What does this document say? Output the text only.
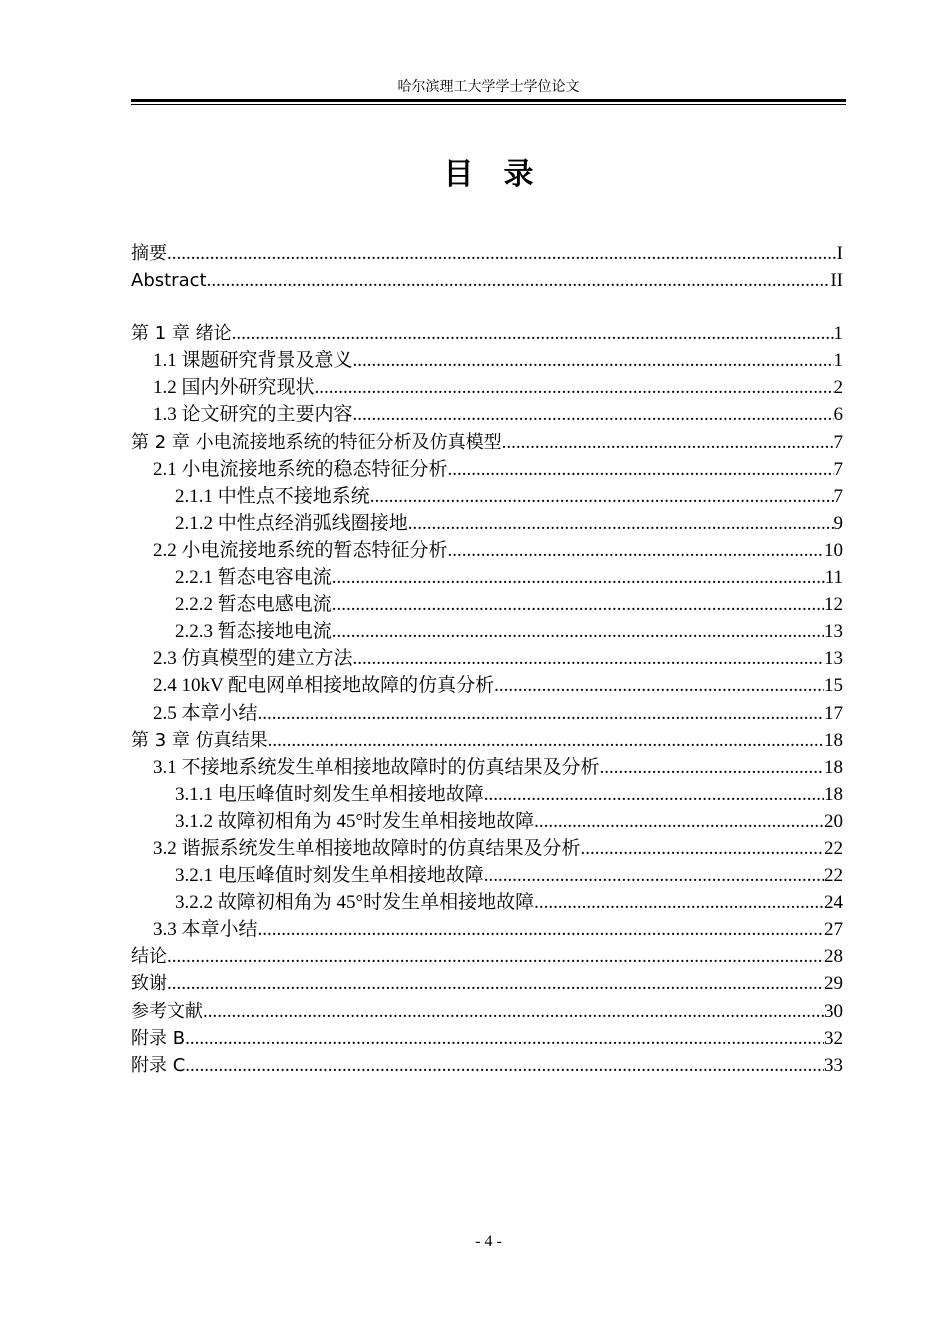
哈尔滨理工大学学士学位论文
目录
摘要 .....	I
Abstract .....	II
第 1 章 绪论 .....	1
1.1 课题研究背景及意义 .....	1
1.2 国内外研究现状 .....	2
1.3 论文研究的主要内容 .....	6
第 2 章 小电流接地系统的特征分析及仿真模型 .....	7
2.1 小电流接地系统的稳态特征分析 .....	7
2.1.1 中性点不接地系统 .....	7
2.1.2 中性点经消弧线圈接地 .....	9
2.2 小电流接地系统的暂态特征分析 .....	10
2.2.1 暂态电容电流 .....	11
2.2.2 暂态电感电流 .....	12
2.2.3 暂态接地电流 .....	13
2.3 仿真模型的建立方法 .....	13
2.4 10kV 配电网单相接地故障的仿真分析 .....	15
2.5 本章小结 .....	17
第 3 章 仿真结果 .....	18
3.1 不接地系统发生单相接地故障时的仿真结果及分析 .....	18
3.1.1 电压峰值时刻发生单相接地故障 .....	18
3.1.2 故障初相角为 45°时发生单相接地故障 .....	20
3.2 谐振系统发生单相接地故障时的仿真结果及分析 .....	22
3.2.1 电压峰值时刻发生单相接地故障 .....	22
3.2.2 故障初相角为 45°时发生单相接地故障 .....	24
3.3 本章小结 .....	27
结论 .....	28
致谢 .....	29
参考文献 .....	30
附录 B .....	32
附录 C .....	33
- 4 -
